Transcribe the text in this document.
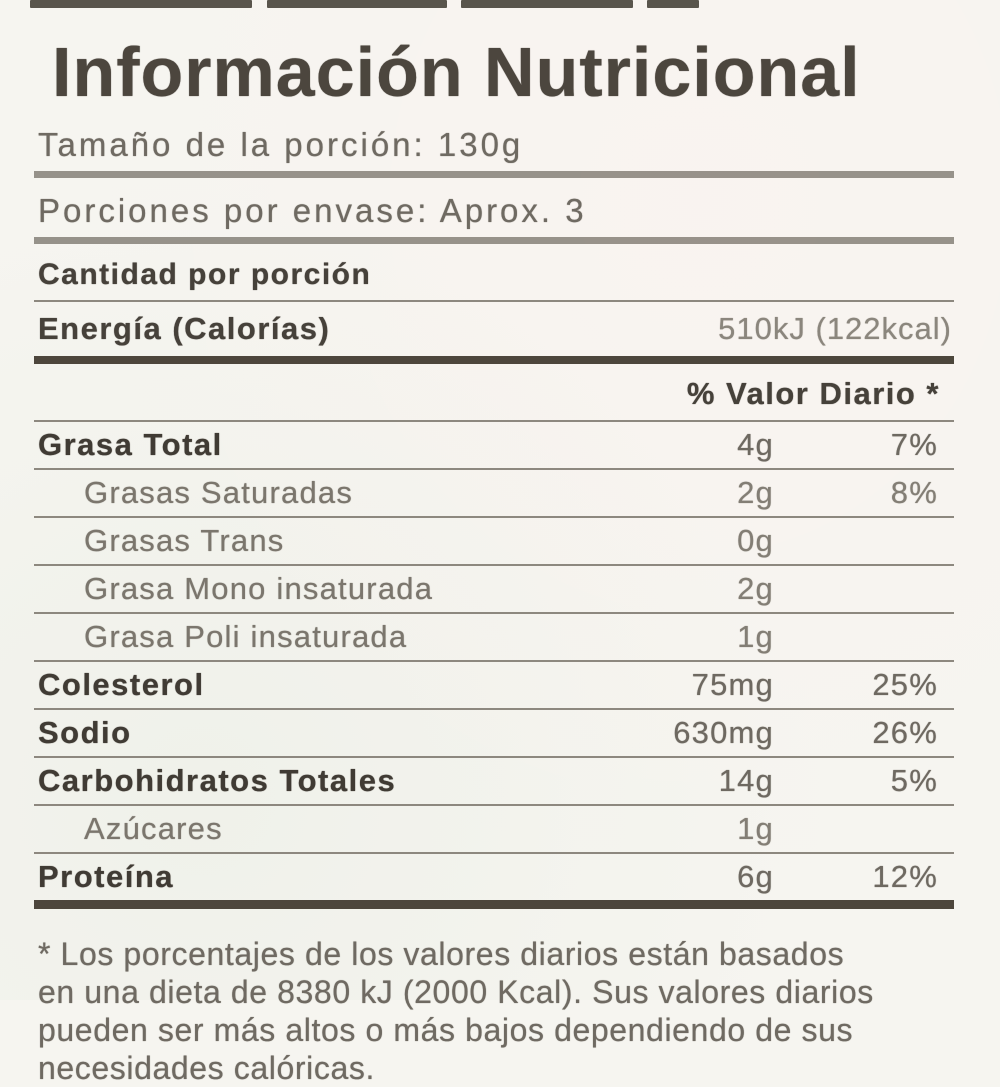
Información Nutricional
Tamaño de la porción: 130g
Porciones por envase: Aprox. 3
Cantidad por porción
Energía (Calorías)	510kJ (122kcal)
% Valor Diario *
Grasa Total	4g	7%
Grasas Saturadas	2g	8%
Grasas Trans	0g
Grasa Mono insaturada	2g
Grasa Poli insaturada	1g
Colesterol	75mg	25%
Sodio	630mg	26%
Carbohidratos Totales	14g	5%
Azúcares	1g
Proteína	6g	12%
* Los porcentajes de los valores diarios están basados
en una dieta de 8380 kJ (2000 Kcal). Sus valores diarios
pueden ser más altos o más bajos dependiendo de sus
necesidades calóricas.
